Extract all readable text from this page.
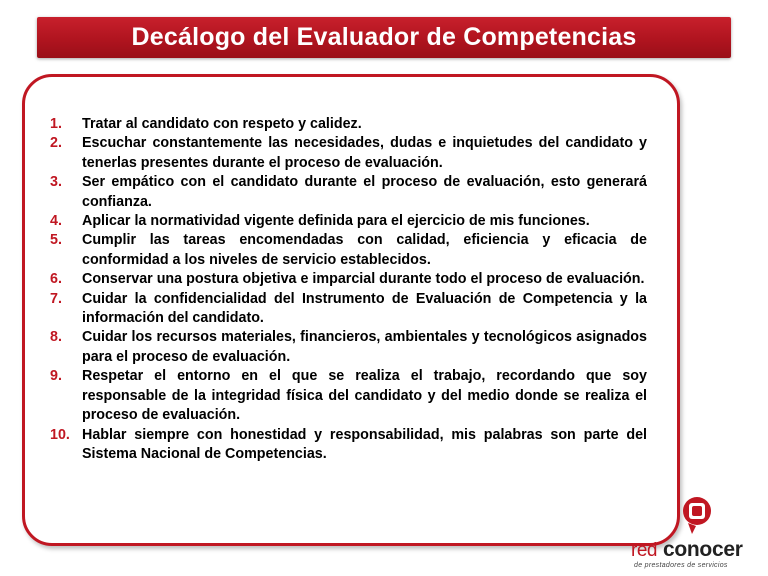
Decálogo del Evaluador de Competencias
1.	Tratar al candidato con respeto y calidez.
2.	Escuchar constantemente las necesidades, dudas e inquietudes del candidato y tenerlas presentes durante el proceso de evaluación.
3.	Ser empático con el candidato durante el proceso de evaluación, esto generará confianza.
4.	Aplicar la normatividad vigente definida para el ejercicio de mis funciones.
5.	Cumplir las tareas encomendadas con calidad, eficiencia y eficacia de conformidad a los niveles de servicio establecidos.
6.	Conservar una postura objetiva e imparcial durante todo el proceso de evaluación.
7.	Cuidar la confidencialidad del Instrumento de Evaluación de Competencia y la información del candidato.
8.	Cuidar los recursos materiales, financieros, ambientales y tecnológicos asignados para el proceso de evaluación.
9.	Respetar el entorno en el que se realiza el trabajo, recordando que soy responsable de la integridad física del candidato y del medio donde se realiza el proceso de evaluación.
10. Hablar siempre con honestidad y responsabilidad, mis palabras son parte del Sistema Nacional de Competencias.
red conocer
de prestadores de servicios
